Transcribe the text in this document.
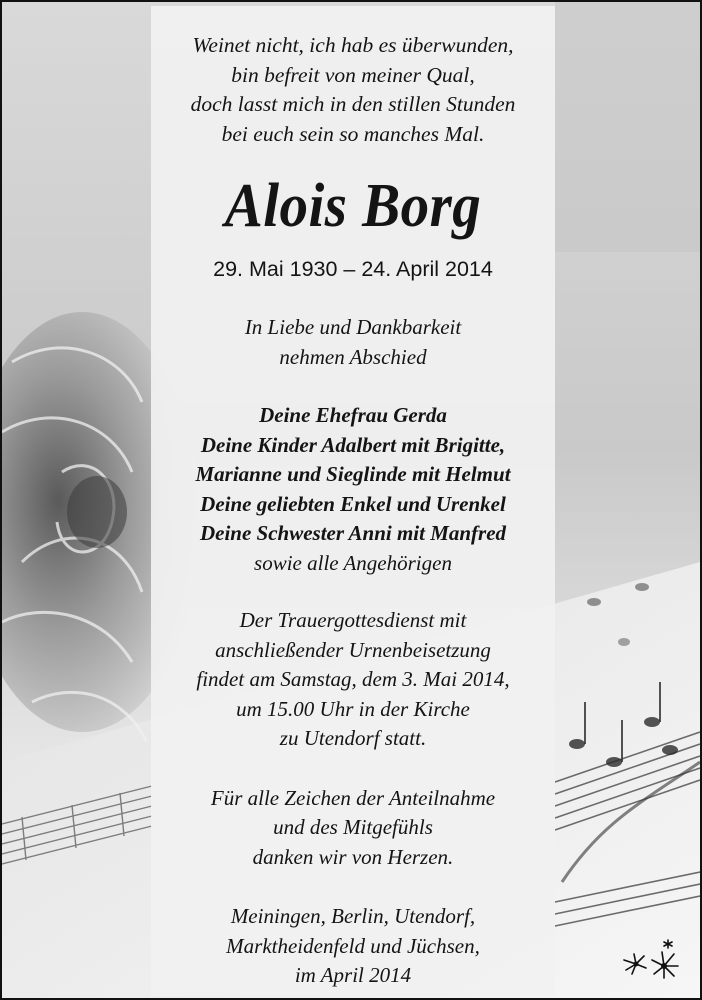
Weinet nicht, ich hab es überwunden,
bin befreit von meiner Qual,
doch lasst mich in den stillen Stunden
bei euch sein so manches Mal.
Alois Borg
29. Mai 1930 – 24. April 2014
In Liebe und Dankbarkeit
nehmen Abschied
Deine Ehefrau Gerda
Deine Kinder Adalbert mit Brigitte,
Marianne und Sieglinde mit Helmut
Deine geliebten Enkel und Urenkel
Deine Schwester Anni mit Manfred
sowie alle Angehörigen
Der Trauergottesdienst mit
anschließender Urnenbeisetzung
findet am Samstag, dem 3. Mai 2014,
um 15.00 Uhr in der Kirche
zu Utendorf statt.
Für alle Zeichen der Anteilnahme
und des Mitgefühls
danken wir von Herzen.
Meiningen, Berlin, Utendorf,
Marktheidenfeld und Jüchsen,
im April 2014
